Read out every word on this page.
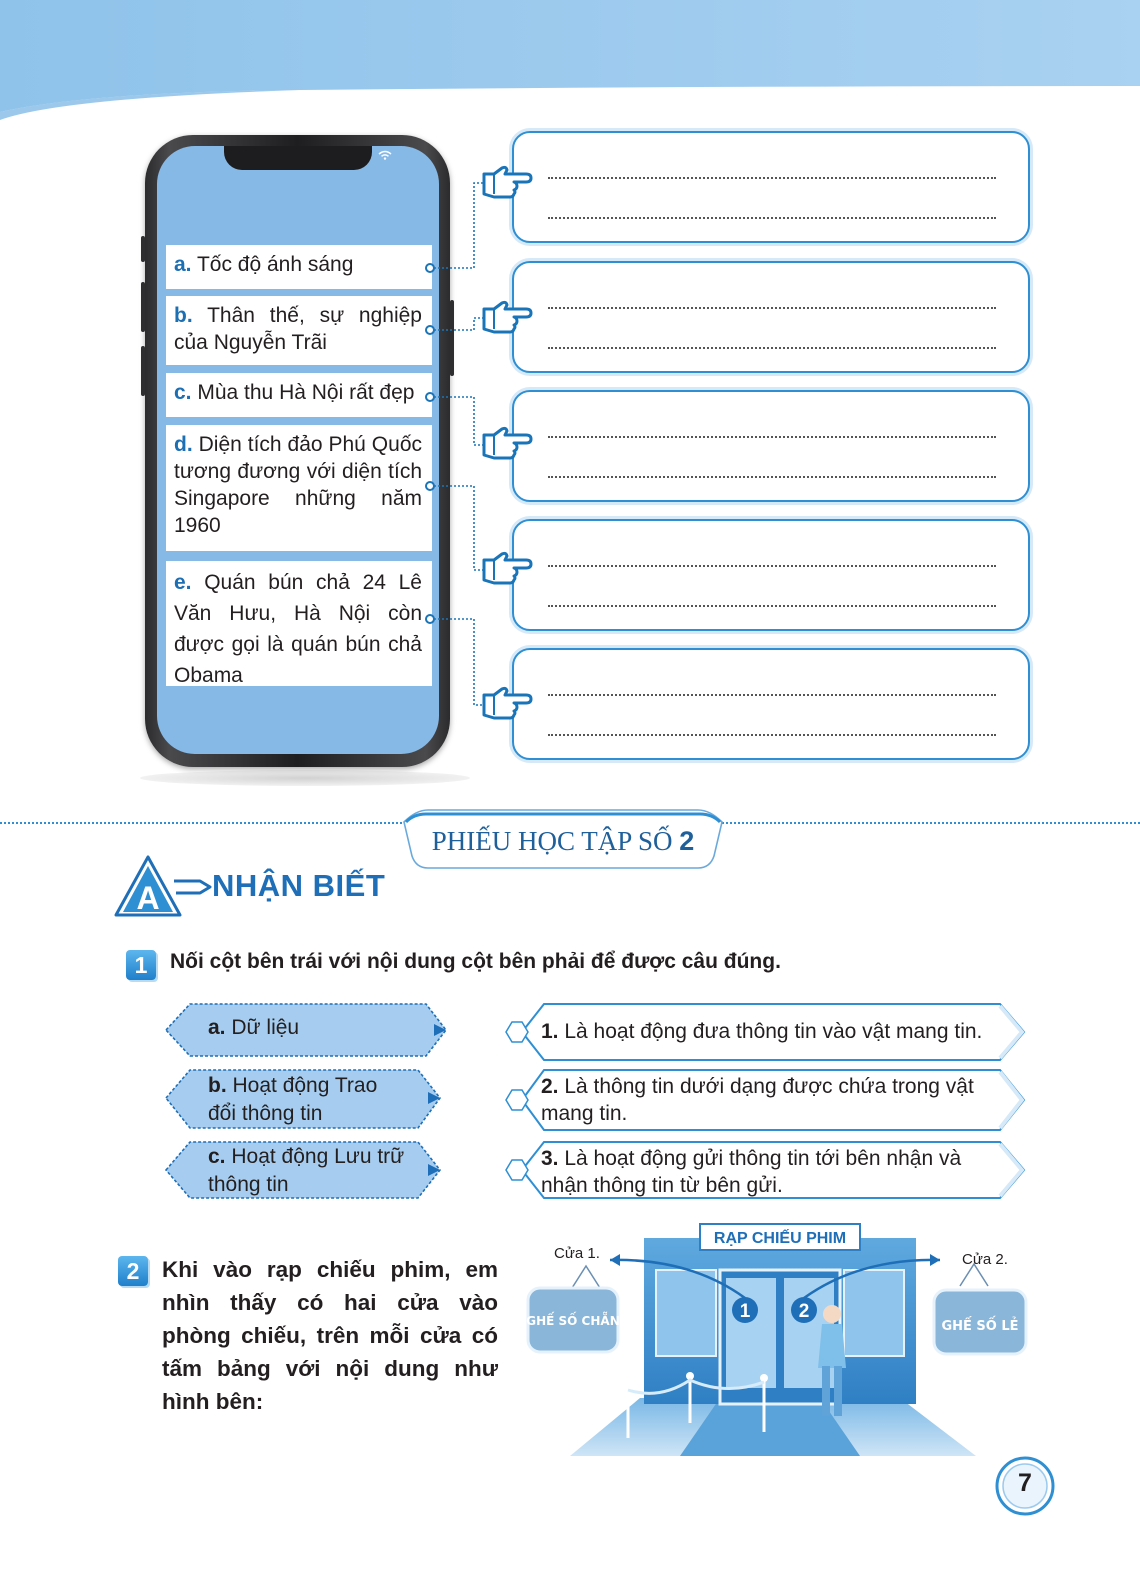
a. Tốc độ ánh sáng
b. Thân thế, sự nghiệp của Nguyễn Trãi
c. Mùa thu Hà Nội rất đẹp
d. Diện tích đảo Phú Quốc tương đương với diện tích Singapore những năm 1960
e. Quán bún chả 24 Lê Văn Hưu, Hà Nội còn được gọi là quán bún chả Obama
PHIẾU HỌC TẬP SỐ 2
A NHẬN BIẾT
1	Nối cột bên trái với nội dung cột bên phải để được câu đúng.
a. Dữ liệu
b. Hoạt động Trao đổi thông tin
c. Hoạt động Lưu trữ thông tin
1. Là hoạt động đưa thông tin vào vật mang tin.
2. Là thông tin dưới dạng được chứa trong vật mang tin.
3. Là hoạt động gửi thông tin tới bên nhận và nhận thông tin từ bên gửi.
2	Khi vào rạp chiếu phim, em nhìn thấy có hai cửa vào phòng chiếu, trên mỗi cửa có tấm bảng với nội dung như hình bên:
RẠP CHIẾU PHIM
1	2
Cửa 1.	Cửa 2.
GHẾ SỐ CHẴN	GHẾ SỐ LẺ
7
